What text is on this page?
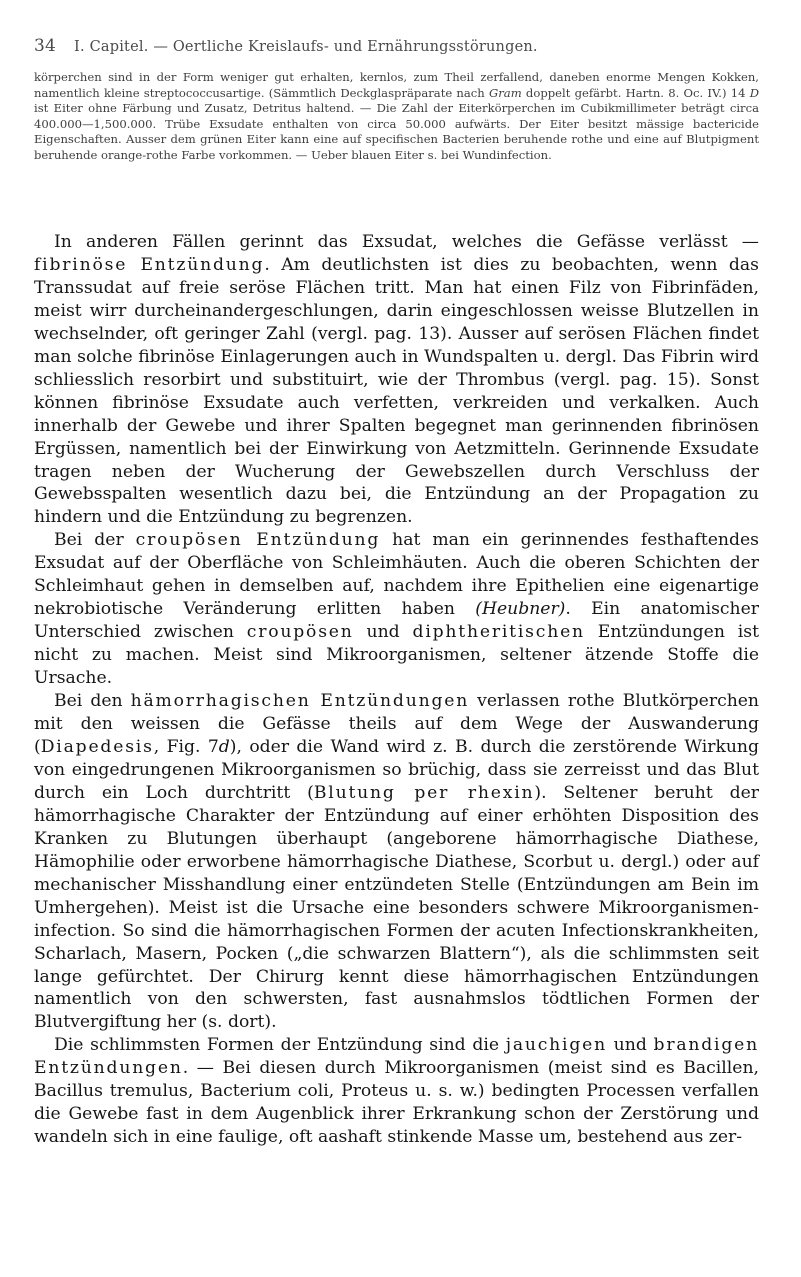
34 I. Capitel. — Oertliche Kreislaufs- und Ernährungsstörungen.

körperchen sind in der Form weniger gut erhalten, kernlos, zum Theil zerfallend, daneben enorme Mengen Kokken, namentlich kleine streptococcusartige. (Sämmtlich Deckglaspräparate nach Gram doppelt gefärbt. Hartn. 8. Oc. IV.) 14 D ist Eiter ohne Färbung und Zusatz, Detritus haltend. — Die Zahl der Eiterkörperchen im Cubikmillimeter beträgt circa 400.000—1,500.000. Trübe Exsudate enthalten von circa 50.000 aufwärts. Der Eiter besitzt mässige bactericide Eigenschaften. Ausser dem grünen Eiter kann eine auf specifischen Bacterien beruhende rothe und eine auf Blutpigment beruhende orange-rothe Farbe vorkommen. — Ueber blauen Eiter s. bei Wundinfection.

In anderen Fällen gerinnt das Exsudat, welches die Gefässe verlässt — fibrinöse Entzündung. Am deutlichsten ist dies zu beobachten, wenn das Transsudat auf freie seröse Flächen tritt. Man hat einen Filz von Fibrinfäden, meist wirr durcheinandergeschlungen, darin eingeschlossen weisse Blutzellen in wechselnder, oft geringer Zahl (vergl. pag. 13). Ausser auf serösen Flächen findet man solche fibrinöse Einlagerungen auch in Wundspalten u. dergl. Das Fibrin wird schliesslich resorbirt und substituirt, wie der Thrombus (vergl. pag. 15). Sonst können fibrinöse Exsudate auch verfetten, verkreiden und verkalken. Auch innerhalb der Gewebe und ihrer Spalten begegnet man gerinnenden fibrinösen Ergüssen, namentlich bei der Einwirkung von Aetzmitteln. Gerinnende Exsudate tragen neben der Wucherung der Gewebszellen durch Verschluss der Gewebsspalten wesentlich dazu bei, die Entzündung an der Propagation zu hindern und die Entzündung zu begrenzen.

Bei der croupösen Entzündung hat man ein gerinnendes festhaftendes Exsudat auf der Oberfläche von Schleimhäuten. Auch die oberen Schichten der Schleimhaut gehen in demselben auf, nachdem ihre Epithelien eine eigenartige nekrobiotische Veränderung erlitten haben (Heubner). Ein anatomischer Unterschied zwischen croupösen und diphtheritischen Entzündungen ist nicht zu machen. Meist sind Mikroorganismen, seltener ätzende Stoffe die Ursache.

Bei den hämorrhagischen Entzündungen verlassen rothe Blutkörperchen mit den weissen die Gefässe theils auf dem Wege der Auswanderung (Diapedesis, Fig. 7d), oder die Wand wird z. B. durch die zerstörende Wirkung von eingedrungenen Mikroorganismen so brüchig, dass sie zerreisst und das Blut durch ein Loch durchtritt (Blutung per rhexin). Seltener beruht der hämorrhagische Charakter der Entzündung auf einer erhöhten Disposition des Kranken zu Blutungen überhaupt (angeborene hämorrhagische Diathese, Hämophilie oder erworbene hämorrhagische Diathese, Scorbut u. dergl.) oder auf mechanischer Misshandlung einer entzündeten Stelle (Entzündungen am Bein im Umhergehen). Meist ist die Ursache eine besonders schwere Mikroorganismen-infection. So sind die hämorrhagischen Formen der acuten Infectionskrankheiten, Scharlach, Masern, Pocken („die schwarzen Blattern“), als die schlimmsten seit lange gefürchtet. Der Chirurg kennt diese hämorrhagischen Entzündungen namentlich von den schwersten, fast ausnahmslos tödtlichen Formen der Blutvergiftung her (s. dort).

Die schlimmsten Formen der Entzündung sind die jauchigen und brandigen Entzündungen. — Bei diesen durch Mikroorganismen (meist sind es Bacillen, Bacillus tremulus, Bacterium coli, Proteus u. s. w.) bedingten Processen verfallen die Gewebe fast in dem Augenblick ihrer Erkrankung schon der Zerstörung und wandeln sich in eine faulige, oft aashaft stinkende Masse um, bestehend aus zer-
